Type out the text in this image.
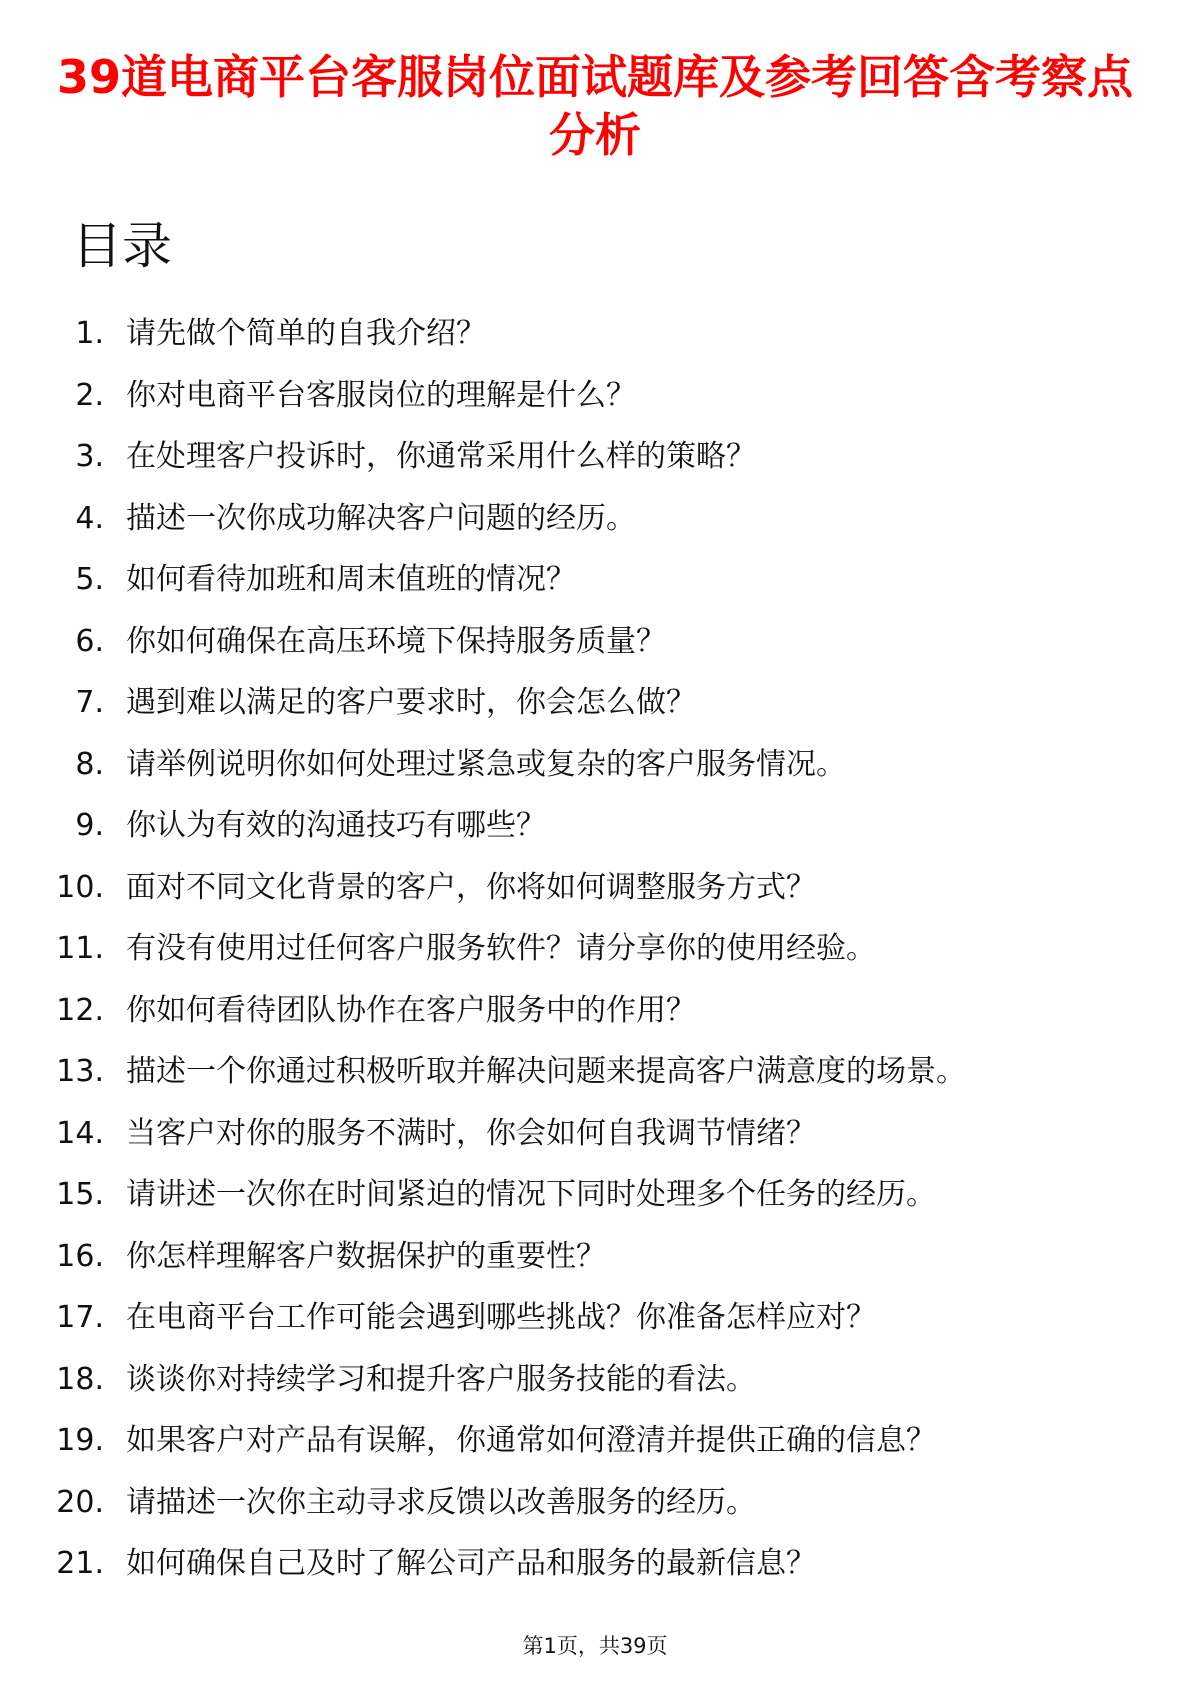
39道电商平台客服岗位面试题库及参考回答含考察点分析
目录
1. 请先做个简单的自我介绍？
2. 你对电商平台客服岗位的理解是什么？
3. 在处理客户投诉时，你通常采用什么样的策略？
4. 描述一次你成功解决客户问题的经历。
5. 如何看待加班和周末值班的情况？
6. 你如何确保在高压环境下保持服务质量？
7. 遇到难以满足的客户要求时，你会怎么做？
8. 请举例说明你如何处理过紧急或复杂的客户服务情况。
9. 你认为有效的沟通技巧有哪些？
10. 面对不同文化背景的客户，你将如何调整服务方式？
11. 有没有使用过任何客户服务软件？请分享你的使用经验。
12. 你如何看待团队协作在客户服务中的作用？
13. 描述一个你通过积极听取并解决问题来提高客户满意度的场景。
14. 当客户对你的服务不满时，你会如何自我调节情绪？
15. 请讲述一次你在时间紧迫的情况下同时处理多个任务的经历。
16. 你怎样理解客户数据保护的重要性？
17. 在电商平台工作可能会遇到哪些挑战？你准备怎样应对？
18. 谈谈你对持续学习和提升客户服务技能的看法。
19. 如果客户对产品有误解，你通常如何澄清并提供正确的信息？
20. 请描述一次你主动寻求反馈以改善服务的经历。
21. 如何确保自己及时了解公司产品和服务的最新信息？
第1页，共39页
